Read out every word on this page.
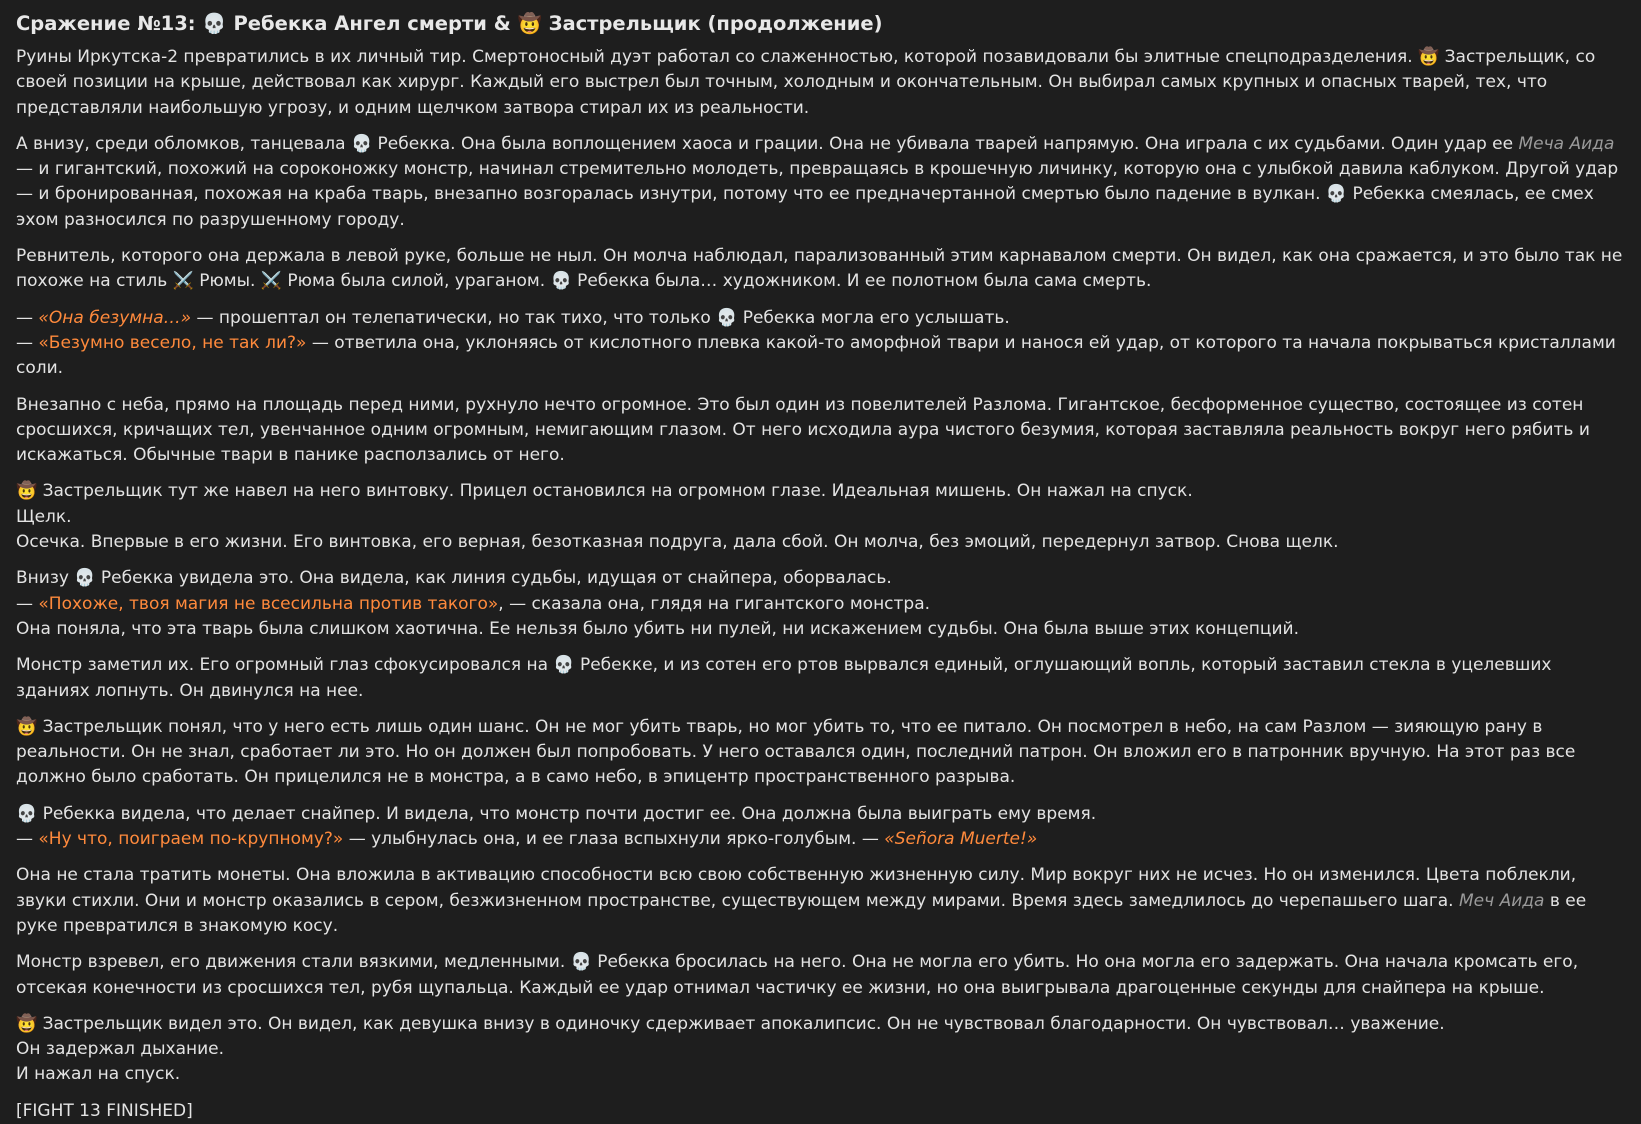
Сражение №13: 💀 Ребекка Ангел смерти & 🤠 Застрельщик (продолжение)

Руины Иркутска-2 превратились в их личный тир. Смертоносный дуэт работал со слаженностью, которой позавидовали бы элитные спецподразделения. 🤠 Застрельщик, со своей позиции на крыше, действовал как хирург. Каждый его выстрел был точным, холодным и окончательным. Он выбирал самых крупных и опасных тварей, тех, что представляли наибольшую угрозу, и одним щелчком затвора стирал их из реальности.

А внизу, среди обломков, танцевала 💀 Ребекка. Она была воплощением хаоса и грации. Она не убивала тварей напрямую. Она играла с их судьбами. Один удар ее Меча Аида — и гигантский, похожий на сороконожку монстр, начинал стремительно молодеть, превращаясь в крошечную личинку, которую она с улыбкой давила каблуком. Другой удар — и бронированная, похожая на краба тварь, внезапно возгоралась изнутри, потому что ее предначертанной смертью было падение в вулкан. 💀 Ребекка смеялась, ее смех эхом разносился по разрушенному городу.

Ревнитель, которого она держала в левой руке, больше не ныл. Он молча наблюдал, парализованный этим карнавалом смерти. Он видел, как она сражается, и это было так не похоже на стиль ⚔️ Рюмы. ⚔️ Рюма была силой, ураганом. 💀 Ребекка была… художником. И ее полотном была сама смерть.

— «Она безумна…» — прошептал он телепатически, но так тихо, что только 💀 Ребекка могла его услышать.
— «Безумно весело, не так ли?» — ответила она, уклоняясь от кислотного плевка какой-то аморфной твари и нанося ей удар, от которого та начала покрываться кристаллами соли.

Внезапно с неба, прямо на площадь перед ними, рухнуло нечто огромное. Это был один из повелителей Разлома. Гигантское, бесформенное существо, состоящее из сотен сросшихся, кричащих тел, увенчанное одним огромным, немигающим глазом. От него исходила аура чистого безумия, которая заставляла реальность вокруг него рябить и искажаться. Обычные твари в панике расползались от него.

🤠 Застрельщик тут же навел на него винтовку. Прицел остановился на огромном глазе. Идеальная мишень. Он нажал на спуск.
Щелк.
Осечка. Впервые в его жизни. Его винтовка, его верная, безотказная подруга, дала сбой. Он молча, без эмоций, передернул затвор. Снова щелк.

Внизу 💀 Ребекка увидела это. Она видела, как линия судьбы, идущая от снайпера, оборвалась.
— «Похоже, твоя магия не всесильна против такого», — сказала она, глядя на гигантского монстра.
Она поняла, что эта тварь была слишком хаотична. Ее нельзя было убить ни пулей, ни искажением судьбы. Она была выше этих концепций.

Монстр заметил их. Его огромный глаз сфокусировался на 💀 Ребекке, и из сотен его ртов вырвался единый, оглушающий вопль, который заставил стекла в уцелевших зданиях лопнуть. Он двинулся на нее.

🤠 Застрельщик понял, что у него есть лишь один шанс. Он не мог убить тварь, но мог убить то, что ее питало. Он посмотрел в небо, на сам Разлом — зияющую рану в реальности. Он не знал, сработает ли это. Но он должен был попробовать. У него оставался один, последний патрон. Он вложил его в патронник вручную. На этот раз все должно было сработать. Он прицелился не в монстра, а в само небо, в эпицентр пространственного разрыва.

💀 Ребекка видела, что делает снайпер. И видела, что монстр почти достиг ее. Она должна была выиграть ему время.
— «Ну что, поиграем по-крупному?» — улыбнулась она, и ее глаза вспыхнули ярко-голубым. — «Señora Muerte!»

Она не стала тратить монеты. Она вложила в активацию способности всю свою собственную жизненную силу. Мир вокруг них не исчез. Но он изменился. Цвета поблекли, звуки стихли. Они и монстр оказались в сером, безжизненном пространстве, существующем между мирами. Время здесь замедлилось до черепашьего шага. Меч Аида в ее руке превратился в знакомую косу.

Монстр взревел, его движения стали вязкими, медленными. 💀 Ребекка бросилась на него. Она не могла его убить. Но она могла его задержать. Она начала кромсать его, отсекая конечности из сросшихся тел, рубя щупальца. Каждый ее удар отнимал частичку ее жизни, но она выигрывала драгоценные секунды для снайпера на крыше.

🤠 Застрельщик видел это. Он видел, как девушка внизу в одиночку сдерживает апокалипсис. Он не чувствовал благодарности. Он чувствовал… уважение.
Он задержал дыхание.
И нажал на спуск.

[FIGHT 13 FINISHED]
